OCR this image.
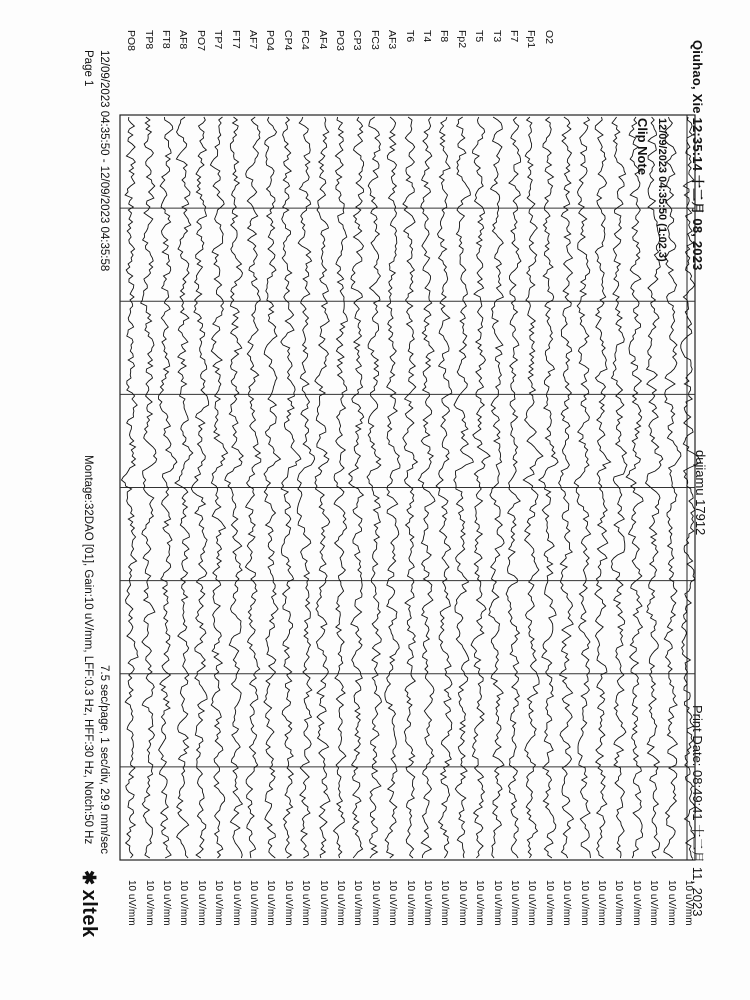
Qiuhao, Xie 12:35:14 十二月 08, 2023
dujiamu 17912
Print Date: 08:49:41 十二月 11, 2023
O2
Fp1
F7
T3
T5
Fp2
F8
T4
T6
AF3
FC3
CP3
PO3
AF4
FC4
CP4
PO4
AF7
FT7
TP7
PO7
AF8
FT8
TP8
PO8
10 uV/mm
10 uV/mm
10 uV/mm
10 uV/mm
10 uV/mm
10 uV/mm
10 uV/mm
10 uV/mm
10 uV/mm
10 uV/mm
10 uV/mm
10 uV/mm
10 uV/mm
10 uV/mm
10 uV/mm
10 uV/mm
10 uV/mm
10 uV/mm
10 uV/mm
10 uV/mm
10 uV/mm
10 uV/mm
10 uV/mm
10 uV/mm
10 uV/mm
10 uV/mm
10 uV/mm
10 uV/mm
10 uV/mm
10 uV/mm
10 uV/mm
10 uV/mm
10 uV/mm
12/09/2023 04:35:50 (1:02.3)
Clip Note
12/09/2023 04:35:50 - 12/09/2023 04:35:58
Page 1
7.5 sec/page, 1 sec/div, 29.9 mm/sec
Montage:32DAO [01], Gain:10 uV/mm, LFF:0.3 Hz, HFF:30 Hz, Notch:50 Hz
✱xltek
